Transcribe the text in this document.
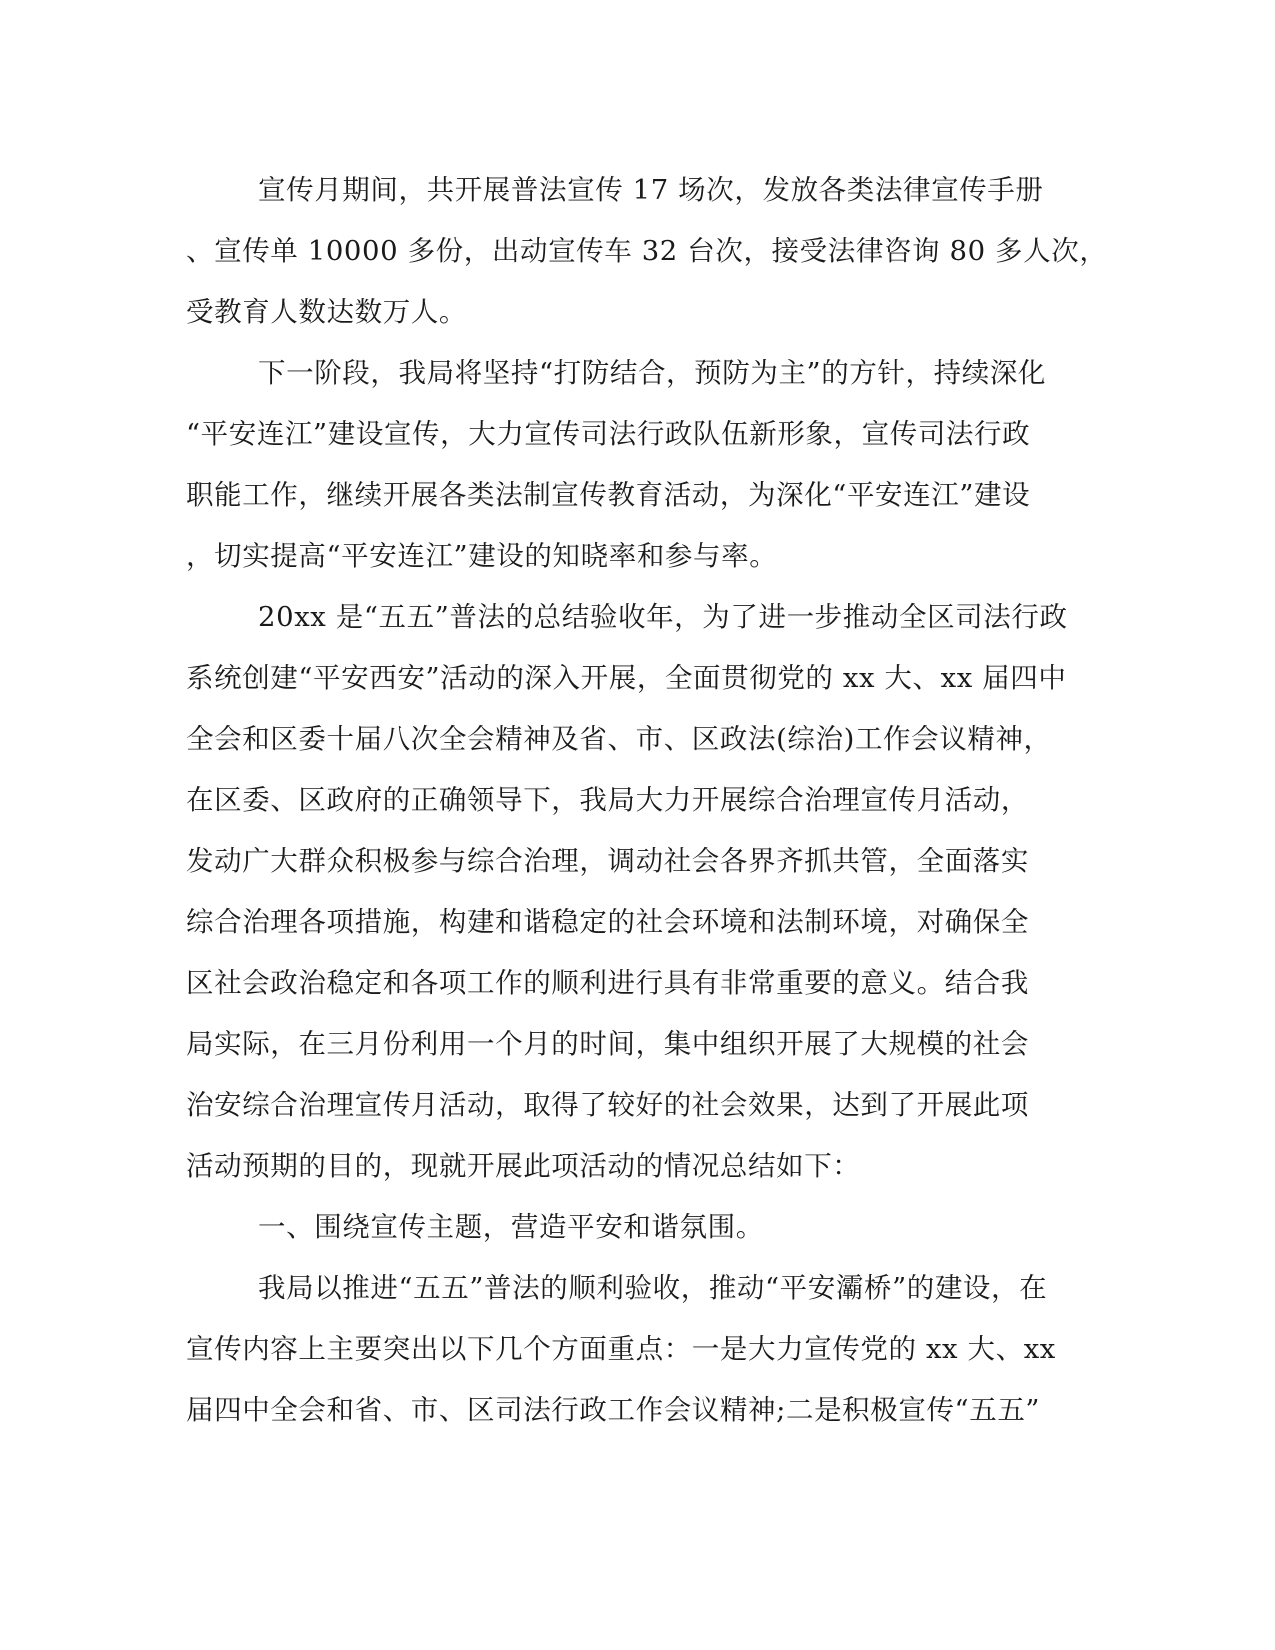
宣传月期间，共开展普法宣传 17 场次，发放各类法律宣传手册
、宣传单 10000 多份，出动宣传车 32 台次，接受法律咨询 80 多人次，
受教育人数达数万人。
下一阶段，我局将坚持“打防结合，预防为主”的方针，持续深化
“平安连江”建设宣传，大力宣传司法行政队伍新形象，宣传司法行政
职能工作，继续开展各类法制宣传教育活动，为深化“平安连江”建设
，切实提高“平安连江”建设的知晓率和参与率。
20xx 是“五五”普法的总结验收年，为了进一步推动全区司法行政
系统创建“平安西安”活动的深入开展，全面贯彻党的 xx 大、xx 届四中
全会和区委十届八次全会精神及省、市、区政法(综治)工作会议精神，
在区委、区政府的正确领导下，我局大力开展综合治理宣传月活动，
发动广大群众积极参与综合治理，调动社会各界齐抓共管，全面落实
综合治理各项措施，构建和谐稳定的社会环境和法制环境，对确保全
区社会政治稳定和各项工作的顺利进行具有非常重要的意义。结合我
局实际，在三月份利用一个月的时间，集中组织开展了大规模的社会
治安综合治理宣传月活动，取得了较好的社会效果，达到了开展此项
活动预期的目的，现就开展此项活动的情况总结如下：
一、围绕宣传主题，营造平安和谐氛围。
我局以推进“五五”普法的顺利验收，推动“平安灞桥”的建设，在
宣传内容上主要突出以下几个方面重点：一是大力宣传党的 xx 大、xx
届四中全会和省、市、区司法行政工作会议精神;二是积极宣传“五五”
